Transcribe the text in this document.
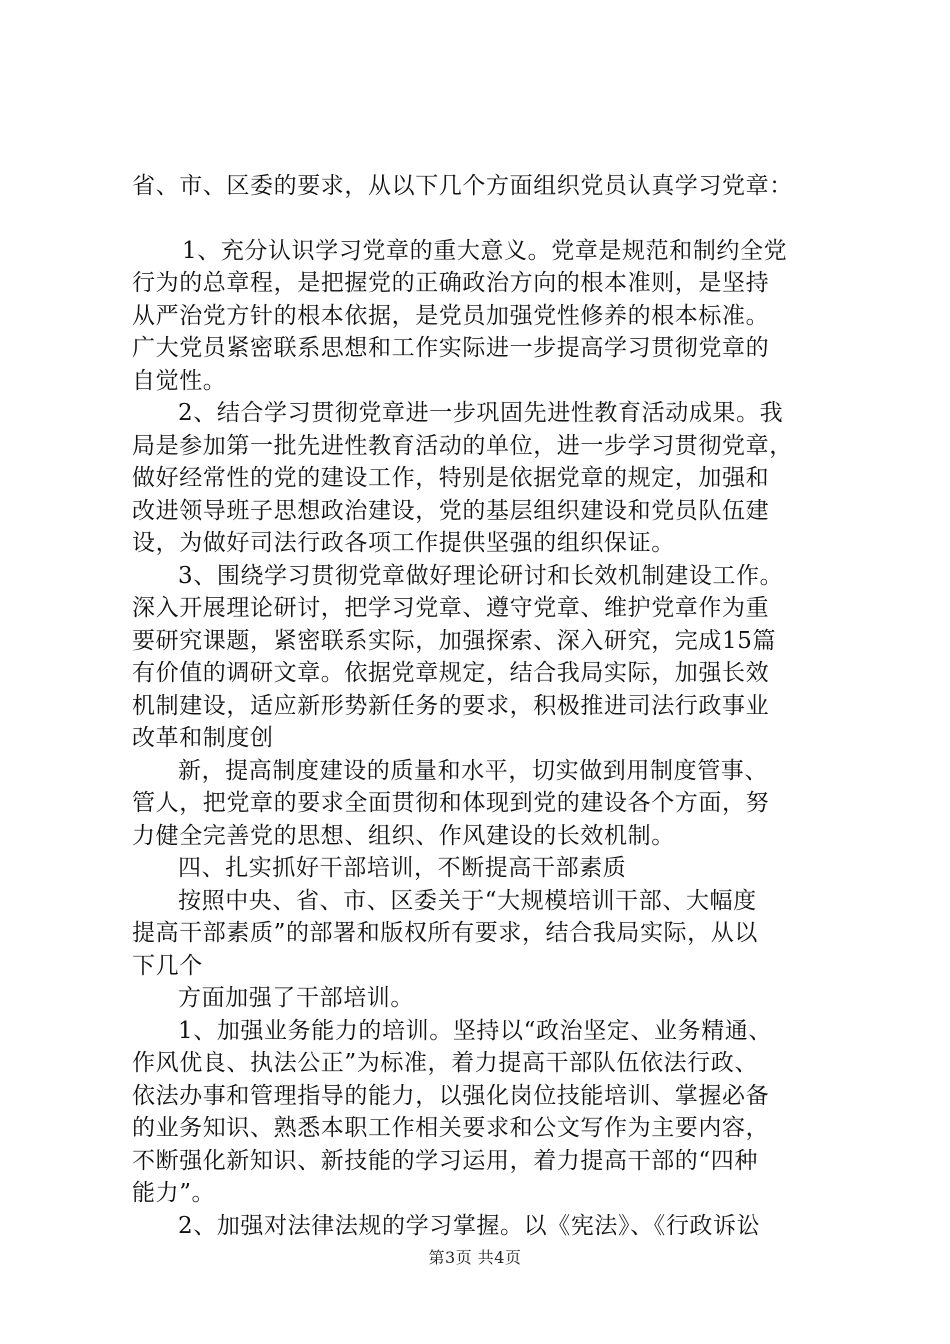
省、市、区委的要求，从以下几个方面组织党员认真学习党章：
1、充分认识学习党章的重大意义。党章是规范和制约全党
行为的总章程，是把握党的正确政治方向的根本准则，是坚持
从严治党方针的根本依据，是党员加强党性修养的根本标准。
广大党员紧密联系思想和工作实际进一步提高学习贯彻党章的
自觉性。
2、结合学习贯彻党章进一步巩固先进性教育活动成果。我
局是参加第一批先进性教育活动的单位，进一步学习贯彻党章，
做好经常性的党的建设工作，特别是依据党章的规定，加强和
改进领导班子思想政治建设，党的基层组织建设和党员队伍建
设，为做好司法行政各项工作提供坚强的组织保证。
3、围绕学习贯彻党章做好理论研讨和长效机制建设工作。
深入开展理论研讨，把学习党章、遵守党章、维护党章作为重
要研究课题，紧密联系实际，加强探索、深入研究，完成15篇
有价值的调研文章。依据党章规定，结合我局实际，加强长效
机制建设，适应新形势新任务的要求，积极推进司法行政事业
改革和制度创
新，提高制度建设的质量和水平，切实做到用制度管事、
管人，把党章的要求全面贯彻和体现到党的建设各个方面，努
力健全完善党的思想、组织、作风建设的长效机制。
四、扎实抓好干部培训，不断提高干部素质
按照中央、省、市、区委关于“大规模培训干部、大幅度
提高干部素质”的部署和版权所有要求，结合我局实际，从以
下几个
方面加强了干部培训。
1、加强业务能力的培训。坚持以“政治坚定、业务精通、
作风优良、执法公正”为标准，着力提高干部队伍依法行政、
依法办事和管理指导的能力，以强化岗位技能培训、掌握必备
的业务知识、熟悉本职工作相关要求和公文写作为主要内容，
不断强化新知识、新技能的学习运用，着力提高干部的“四种
能力”。
2、加强对法律法规的学习掌握。以《宪法》、《行政诉讼
第3页 共4页
